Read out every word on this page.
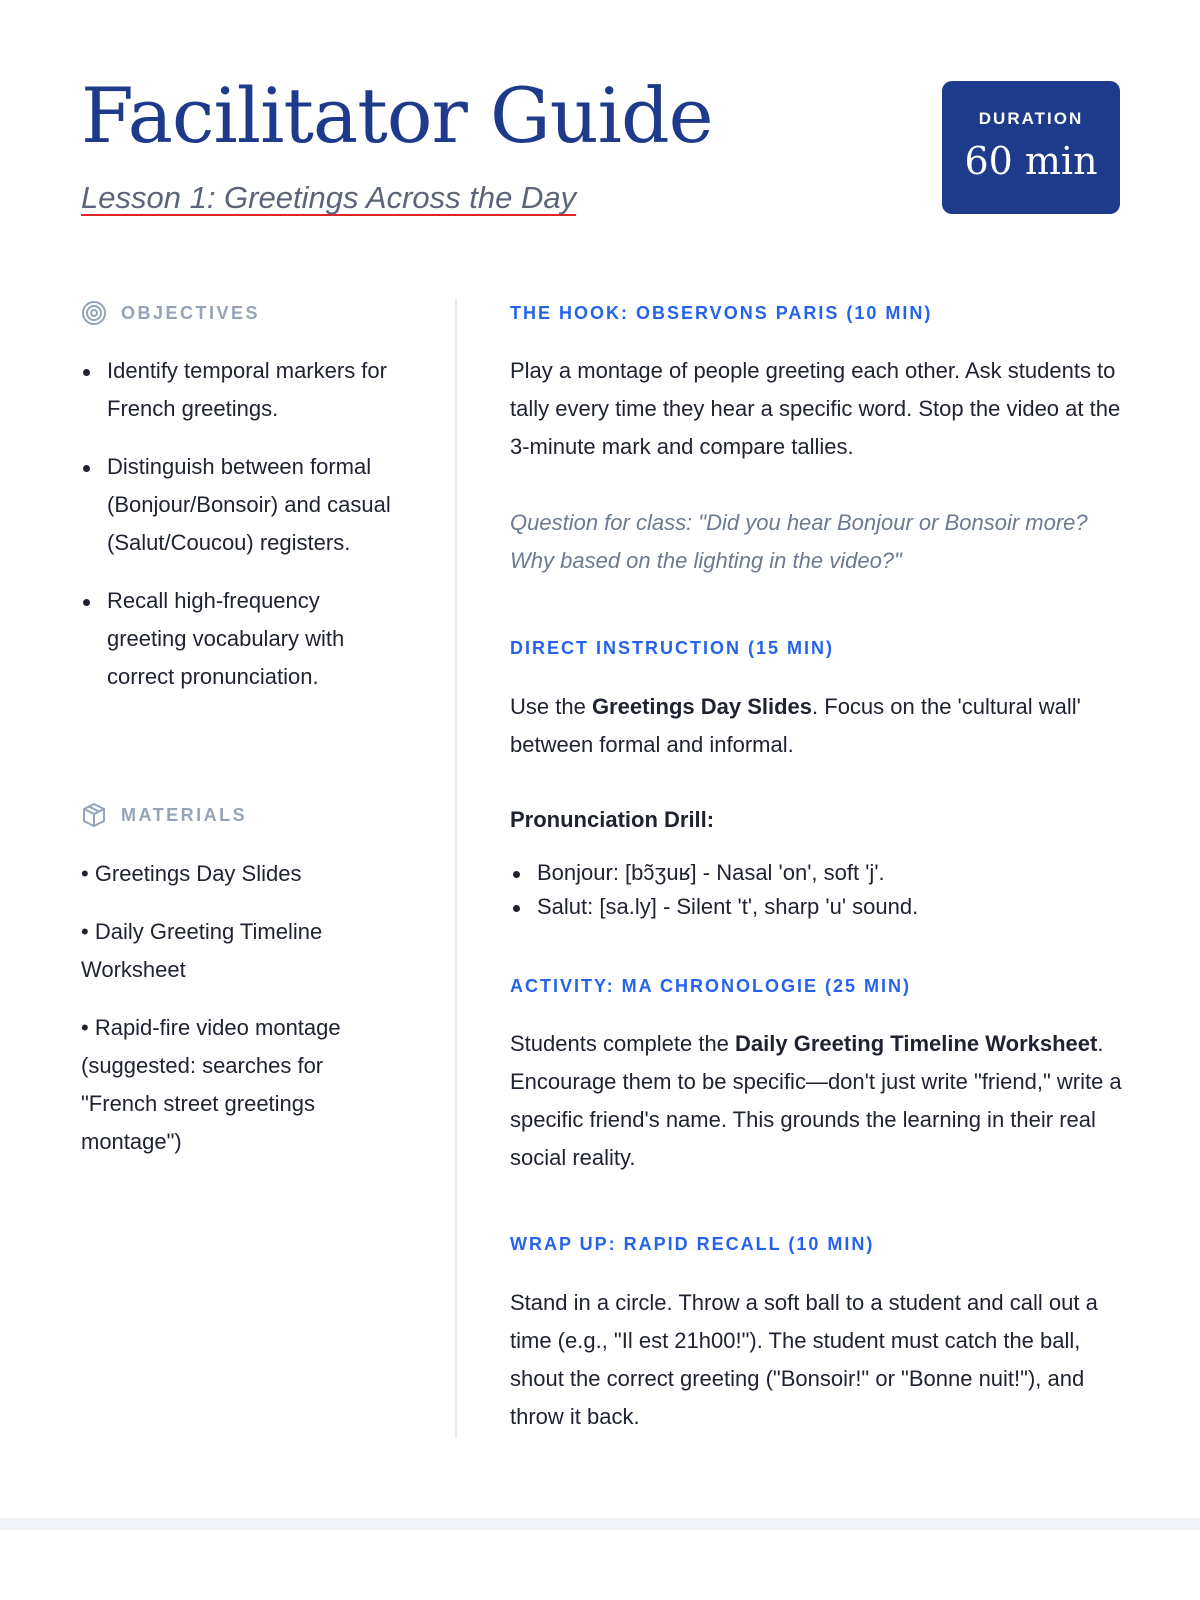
Facilitator Guide
Lesson 1: Greetings Across the Day
DURATION
60 min
OBJECTIVES
Identify temporal markers for French greetings.
Distinguish between formal (Bonjour/Bonsoir) and casual (Salut/Coucou) registers.
Recall high-frequency greeting vocabulary with correct pronunciation.
MATERIALS
• Greetings Day Slides
• Daily Greeting Timeline Worksheet
• Rapid-fire video montage (suggested: searches for "French street greetings montage")
THE HOOK: OBSERVONS PARIS (10 MIN)
Play a montage of people greeting each other. Ask students to tally every time they hear a specific word. Stop the video at the 3-minute mark and compare tallies.
Question for class: "Did you hear Bonjour or Bonsoir more? Why based on the lighting in the video?"
DIRECT INSTRUCTION (15 MIN)
Use the Greetings Day Slides. Focus on the 'cultural wall' between formal and informal.
Pronunciation Drill:
Bonjour: [bɔ̃ʒuʁ] - Nasal 'on', soft 'j'.
Salut: [sa.ly] - Silent 't', sharp 'u' sound.
ACTIVITY: MA CHRONOLOGIE (25 MIN)
Students complete the Daily Greeting Timeline Worksheet. Encourage them to be specific—don't just write "friend," write a specific friend's name. This grounds the learning in their real social reality.
WRAP UP: RAPID RECALL (10 MIN)
Stand in a circle. Throw a soft ball to a student and call out a time (e.g., "Il est 21h00!"). The student must catch the ball, shout the correct greeting ("Bonsoir!" or "Bonne nuit!"), and throw it back.
